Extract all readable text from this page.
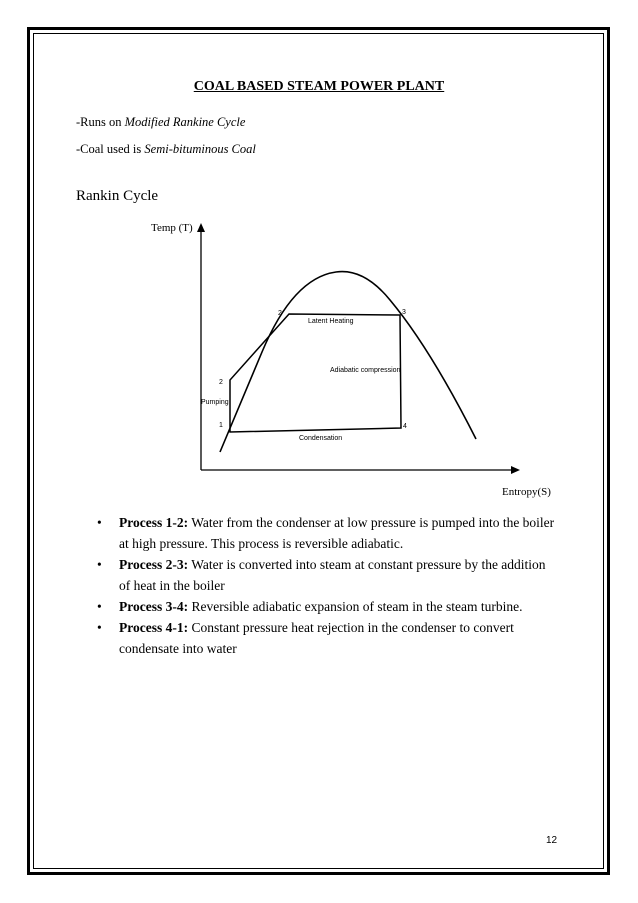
COAL BASED STEAM POWER PLANT
-Runs on Modified Rankine Cycle
-Coal used is Semi-bituminous Coal
Rankin Cycle
Temp (T)
Entropy(S)
2	3
2
1	4
Latent Heating
Adiabatic compression
Pumping
Condensation
• Process 1-2: Water from the condenser at low pressure is pumped into the boiler at high pressure. This process is reversible adiabatic.
• Process 2-3: Water is converted into steam at constant pressure by the addition of heat in the boiler
• Process 3-4: Reversible adiabatic expansion of steam in the steam turbine.
• Process 4-1: Constant pressure heat rejection in the condenser to convert condensate into water
12
